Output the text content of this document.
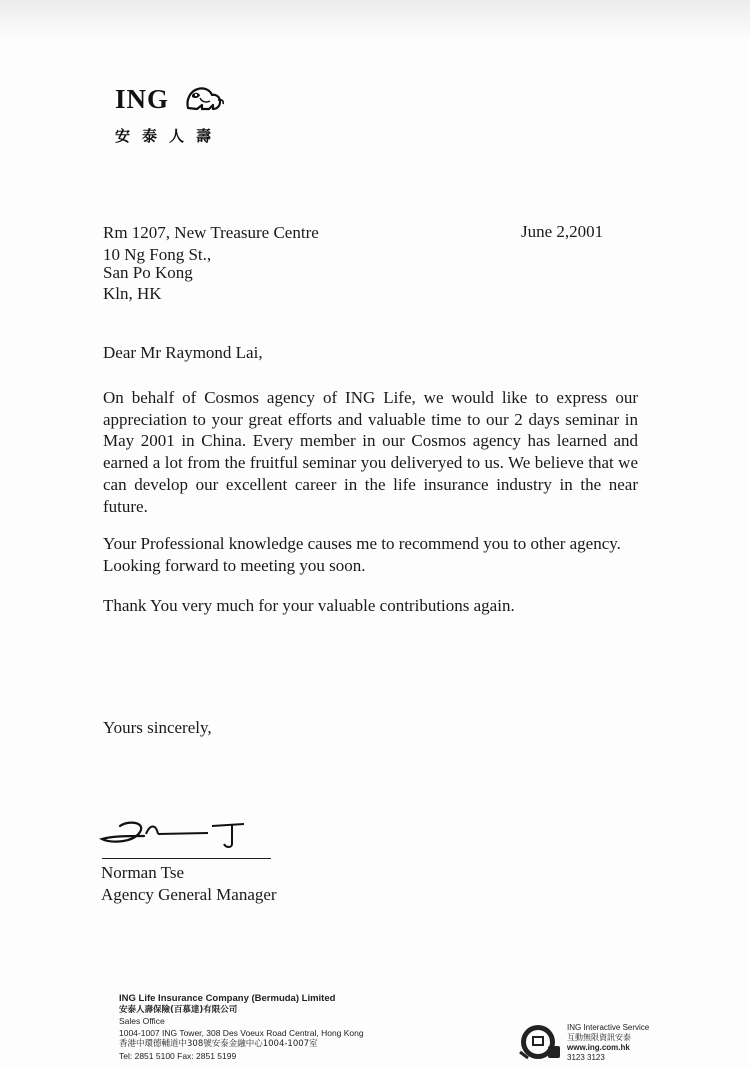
ING
安泰人壽
Rm 1207, New Treasure Centre
10 Ng Fong St.,
San Po Kong
Kln, HK
June 2,2001
Dear Mr Raymond Lai,
On behalf of Cosmos agency of ING Life, we would like to express our appreciation to your great efforts and valuable time to our 2 days seminar in May 2001 in China. Every member in our Cosmos agency has learned and earned a lot from the fruitful seminar you deliveryed to us. We believe that we can develop our excellent career in the life insurance industry in the near future.
Your Professional knowledge causes me to recommend you to other agency. Looking forward to meeting you soon.
Thank You very much for your valuable contributions again.
Yours sincerely,
Norman Tse
Agency General Manager
ING Life Insurance Company (Bermuda) Limited
安泰人壽保險(百慕達)有限公司
Sales Office
1004-1007 ING Tower, 308 Des Voeux Road Central, Hong Kong
香港中環德輔道中308號安泰金融中心1004-1007室
Tel: 2851 5100 Fax: 2851 5199
ING Interactive Service
互動無限資訊安泰
www.ing.com.hk
3123 3123
